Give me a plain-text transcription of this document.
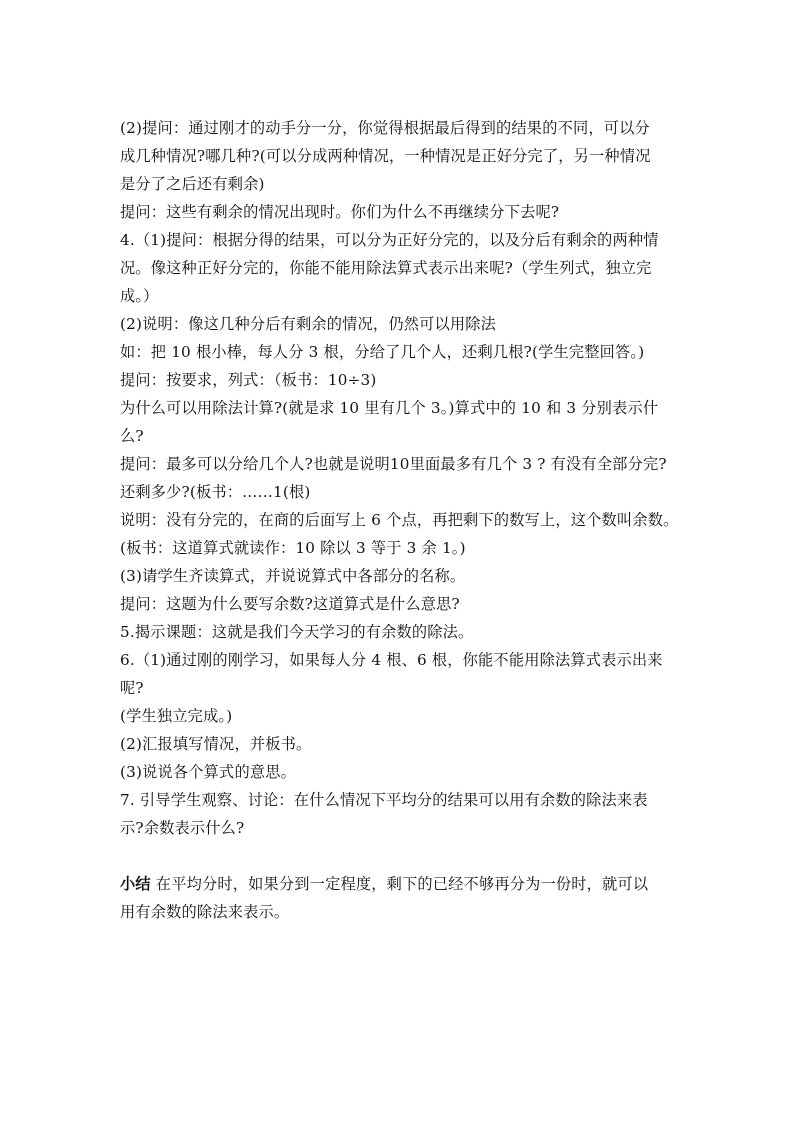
(2)提问：通过刚才的动手分一分，你觉得根据最后得到的结果的不同，可以分
成几种情况?哪几种?(可以分成两种情况，一种情况是正好分完了，另一种情况
是分了之后还有剩余)
提问：这些有剩余的情况出现时。你们为什么不再继续分下去呢?
4.（1)提问：根据分得的结果，可以分为正好分完的，以及分后有剩余的两种情
况。像这种正好分完的，你能不能用除法算式表示出来呢?（学生列式，独立完
成。）
(2)说明：像这几种分后有剩余的情况，仍然可以用除法
如：把 10 根小棒，每人分 3 根，分给了几个人，还剩几根?(学生完整回答。)
提问：按要求，列式：（板书：10÷3)
为什么可以用除法计算?(就是求 10 里有几个 3。)算式中的 10 和 3 分别表示什
么?
提问：最多可以分给几个人?也就是说明10里面最多有几个 3 ? 有没有全部分完?
还剩多少?(板书：……1(根)
说明：没有分完的，在商的后面写上 6 个点，再把剩下的数写上，这个数叫余数。
(板书：这道算式就读作：10 除以 3 等于 3 余 1。)
(3)请学生齐读算式，并说说算式中各部分的名称。
提问：这题为什么要写余数?这道算式是什么意思?
5.揭示课题：这就是我们今天学习的有余数的除法。
6.（1)通过刚的刚学习，如果每人分 4 根、6 根，你能不能用除法算式表示出来
呢?
(学生独立完成。)
(2)汇报填写情况，并板书。
(3)说说各个算式的意思。
7. 引导学生观察、讨论：在什么情况下平均分的结果可以用有余数的除法来表
示?余数表示什么?
小结 在平均分时，如果分到一定程度，剩下的已经不够再分为一份时，就可以
用有余数的除法来表示。
